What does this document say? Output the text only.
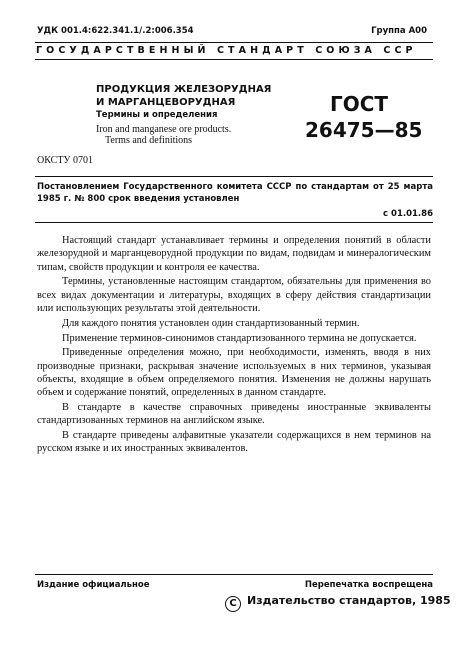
УДК 001.4:622.341.1/.2:006.354	Группа А00
ГОСУДАРСТВЕННЫЙ СТАНДАРТ СОЮЗА ССР
ПРОДУКЦИЯ ЖЕЛЕЗОРУДНАЯ
И МАРГАНЦЕВОРУДНАЯ
Термины и определения
Iron and manganese ore products.
Terms and definitions
ГОСТ
26475—85
ОКСТУ 0701
Постановлением Государственного комитета СССР по стандартам от 25 марта 1985 г. № 800 срок введения установлен
с 01.01.86

Настоящий стандарт устанавливает термины и определения понятий в области железорудной и марганцеворудной продукции по видам, подвидам и минералогическим типам, свойств продукции и контроля ее качества.

Термины, установленные настоящим стандартом, обязательны для применения во всех видах документации и литературы, входящих в сферу действия стандартизации или использующих результаты этой деятельности.

Для каждого понятия установлен один стандартизованный термин.

Применение терминов-синонимов стандартизованного термина не допускается.

Приведенные определения можно, при необходимости, изменять, вводя в них производные признаки, раскрывая значение используемых в них терминов, указывая объекты, входящие в объем определяемого понятия. Изменения не должны нарушать объем и содержание понятий, определенных в данном стандарте.

В стандарте в качестве справочных приведены иностранные эквиваленты стандартизованных терминов на английском языке.

В стандарте приведены алфавитные указатели содержащихся в нем терминов на русском языке и их иностранных эквивалентов.

Издание официальное	Перепечатка воспрещена
C Издательство стандартов, 1985
